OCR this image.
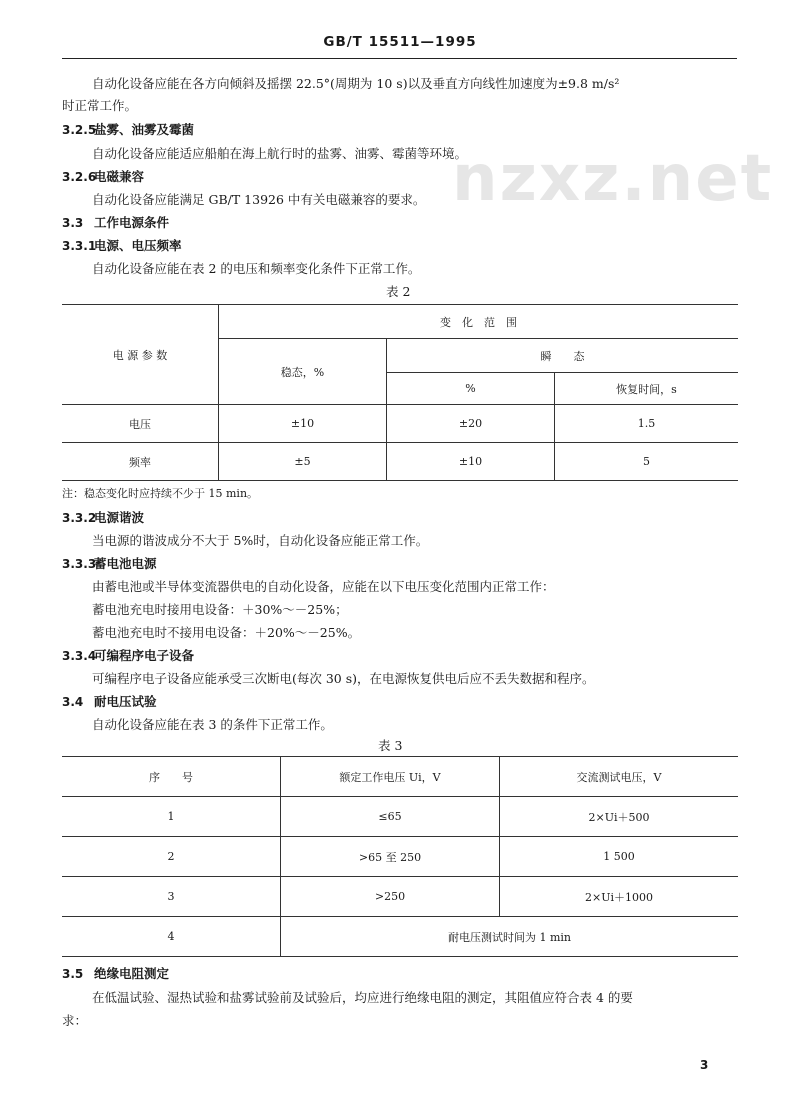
GB/T 15511—1995
nzxz.net
自动化设备应能在各方向倾斜及摇摆 22.5°(周期为 10 s)以及垂直方向线性加速度为±9.8 m/s²
时正常工作。
3.2.5盐雾、油雾及霉菌
自动化设备应能适应船舶在海上航行时的盐雾、油雾、霉菌等环境。
3.2.6电磁兼容
自动化设备应能满足 GB/T 13926 中有关电磁兼容的要求。
3.3 工作电源条件
3.3.1电源、电压频率
自动化设备应能在表 2 的电压和频率变化条件下正常工作。
表 2
电 源 参 数	变　化　范　围		
	稳态，%	瞬　　态	
		%	恢复时间，s
电压	±10	±20	1.5
频率	±5	±10	5
注：稳态变化时应持续不少于 15 min。
3.3.2电源谐波
当电源的谐波成分不大于 5%时，自动化设备应能正常工作。
3.3.3蓄电池电源
由蓄电池或半导体变流器供电的自动化设备，应能在以下电压变化范围内正常工作：
蓄电池充电时接用电设备：＋30%～－25%；
蓄电池充电时不接用电设备：＋20%～－25%。
3.3.4可编程序电子设备
可编程序电子设备应能承受三次断电(每次 30 s)，在电源恢复供电后应不丢失数据和程序。
3.4 耐电压试验
自动化设备应能在表 3 的条件下正常工作。
表 3
序　　号	额定工作电压 Ui，V	交流测试电压，V
1	≤65	2×Ui＋500
2	>65 至 250	1 500
3	>250	2×Ui＋1000
4	耐电压测试时间为 1 min	
3.5 绝缘电阻测定
在低温试验、湿热试验和盐雾试验前及试验后，均应进行绝缘电阻的测定，其阻值应符合表 4 的要
求：
3
